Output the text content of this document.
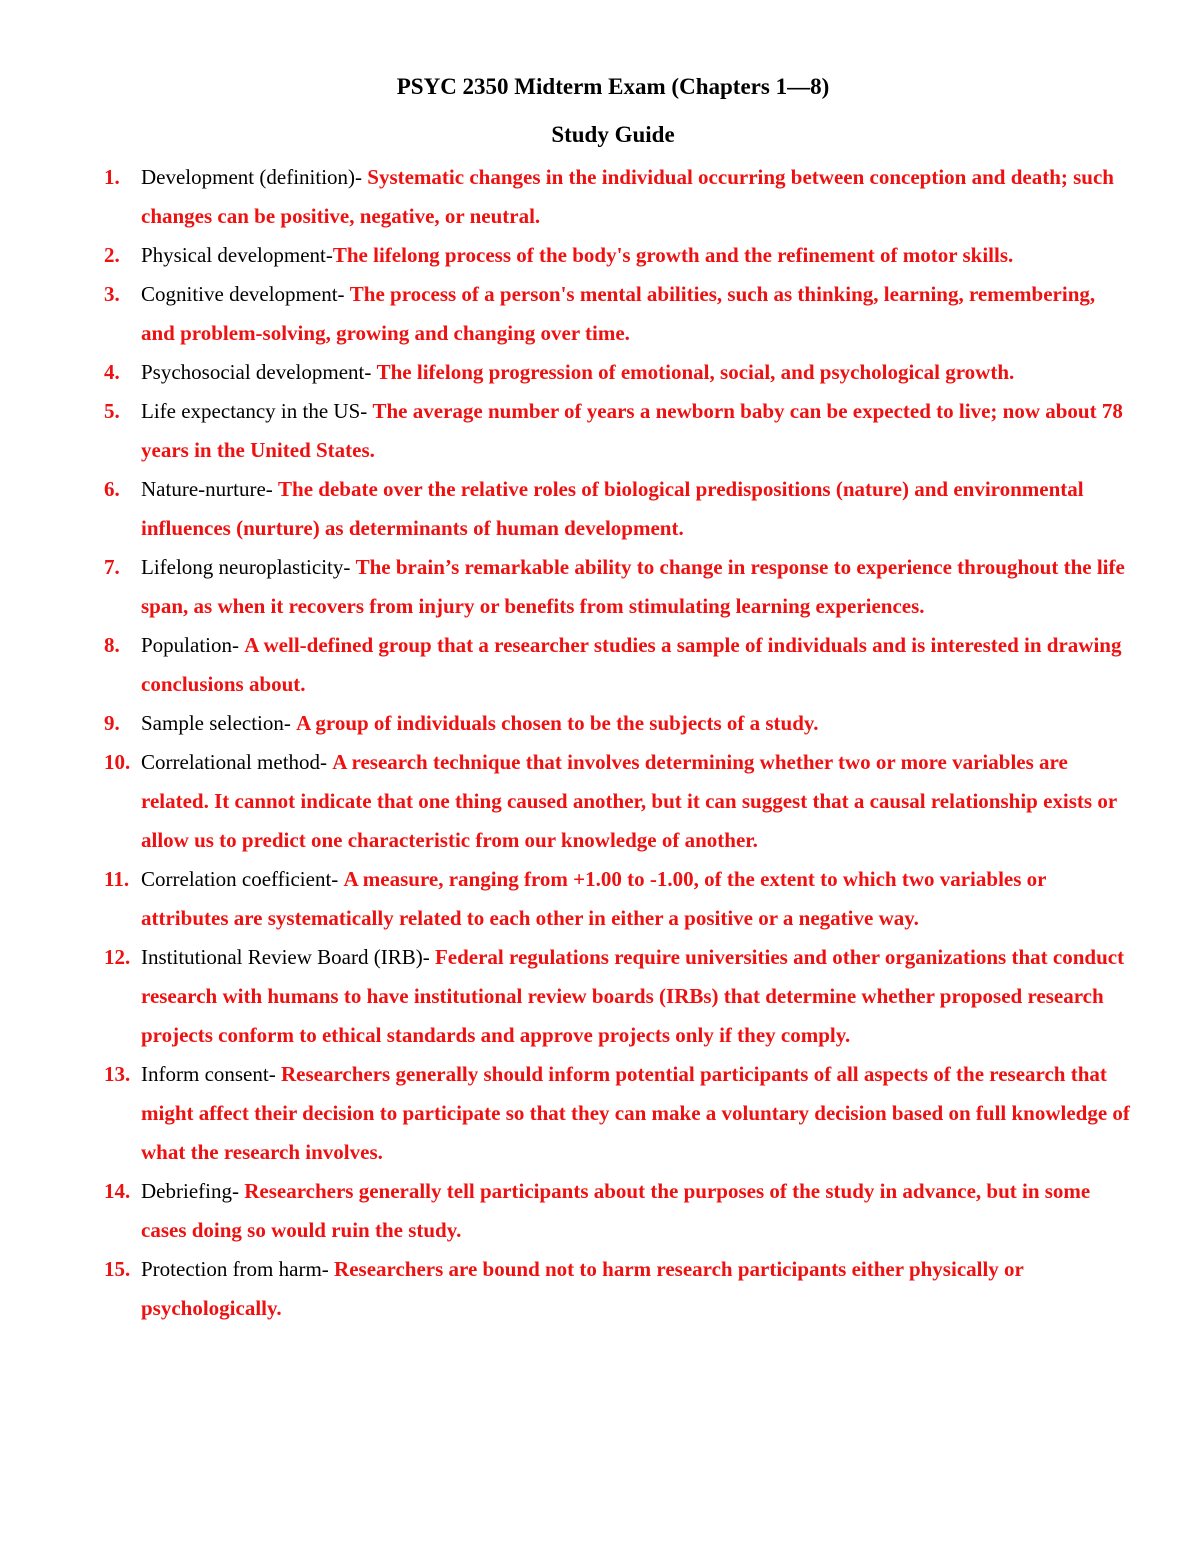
PSYC 2350 Midterm Exam (Chapters 1—8)
Study Guide
1. Development (definition)- Systematic changes in the individual occurring between conception and death; such changes can be positive, negative, or neutral.
2. Physical development-The lifelong process of the body's growth and the refinement of motor skills.
3. Cognitive development- The process of a person's mental abilities, such as thinking, learning, remembering, and problem-solving, growing and changing over time.
4. Psychosocial development- The lifelong progression of emotional, social, and psychological growth.
5. Life expectancy in the US- The average number of years a newborn baby can be expected to live; now about 78 years in the United States.
6. Nature-nurture- The debate over the relative roles of biological predispositions (nature) and environmental influences (nurture) as determinants of human development.
7. Lifelong neuroplasticity- The brain’s remarkable ability to change in response to experience throughout the life span, as when it recovers from injury or benefits from stimulating learning experiences.
8. Population- A well-defined group that a researcher studies a sample of individuals and is interested in drawing conclusions about.
9. Sample selection- A group of individuals chosen to be the subjects of a study.
10. Correlational method- A research technique that involves determining whether two or more variables are related. It cannot indicate that one thing caused another, but it can suggest that a causal relationship exists or allow us to predict one characteristic from our knowledge of another.
11. Correlation coefficient- A measure, ranging from +1.00 to -1.00, of the extent to which two variables or attributes are systematically related to each other in either a positive or a negative way.
12. Institutional Review Board (IRB)- Federal regulations require universities and other organizations that conduct research with humans to have institutional review boards (IRBs) that determine whether proposed research projects conform to ethical standards and approve projects only if they comply.
13. Inform consent- Researchers generally should inform potential participants of all aspects of the research that might affect their decision to participate so that they can make a voluntary decision based on full knowledge of what the research involves.
14. Debriefing- Researchers generally tell participants about the purposes of the study in advance, but in some cases doing so would ruin the study.
15. Protection from harm- Researchers are bound not to harm research participants either physically or psychologically.
